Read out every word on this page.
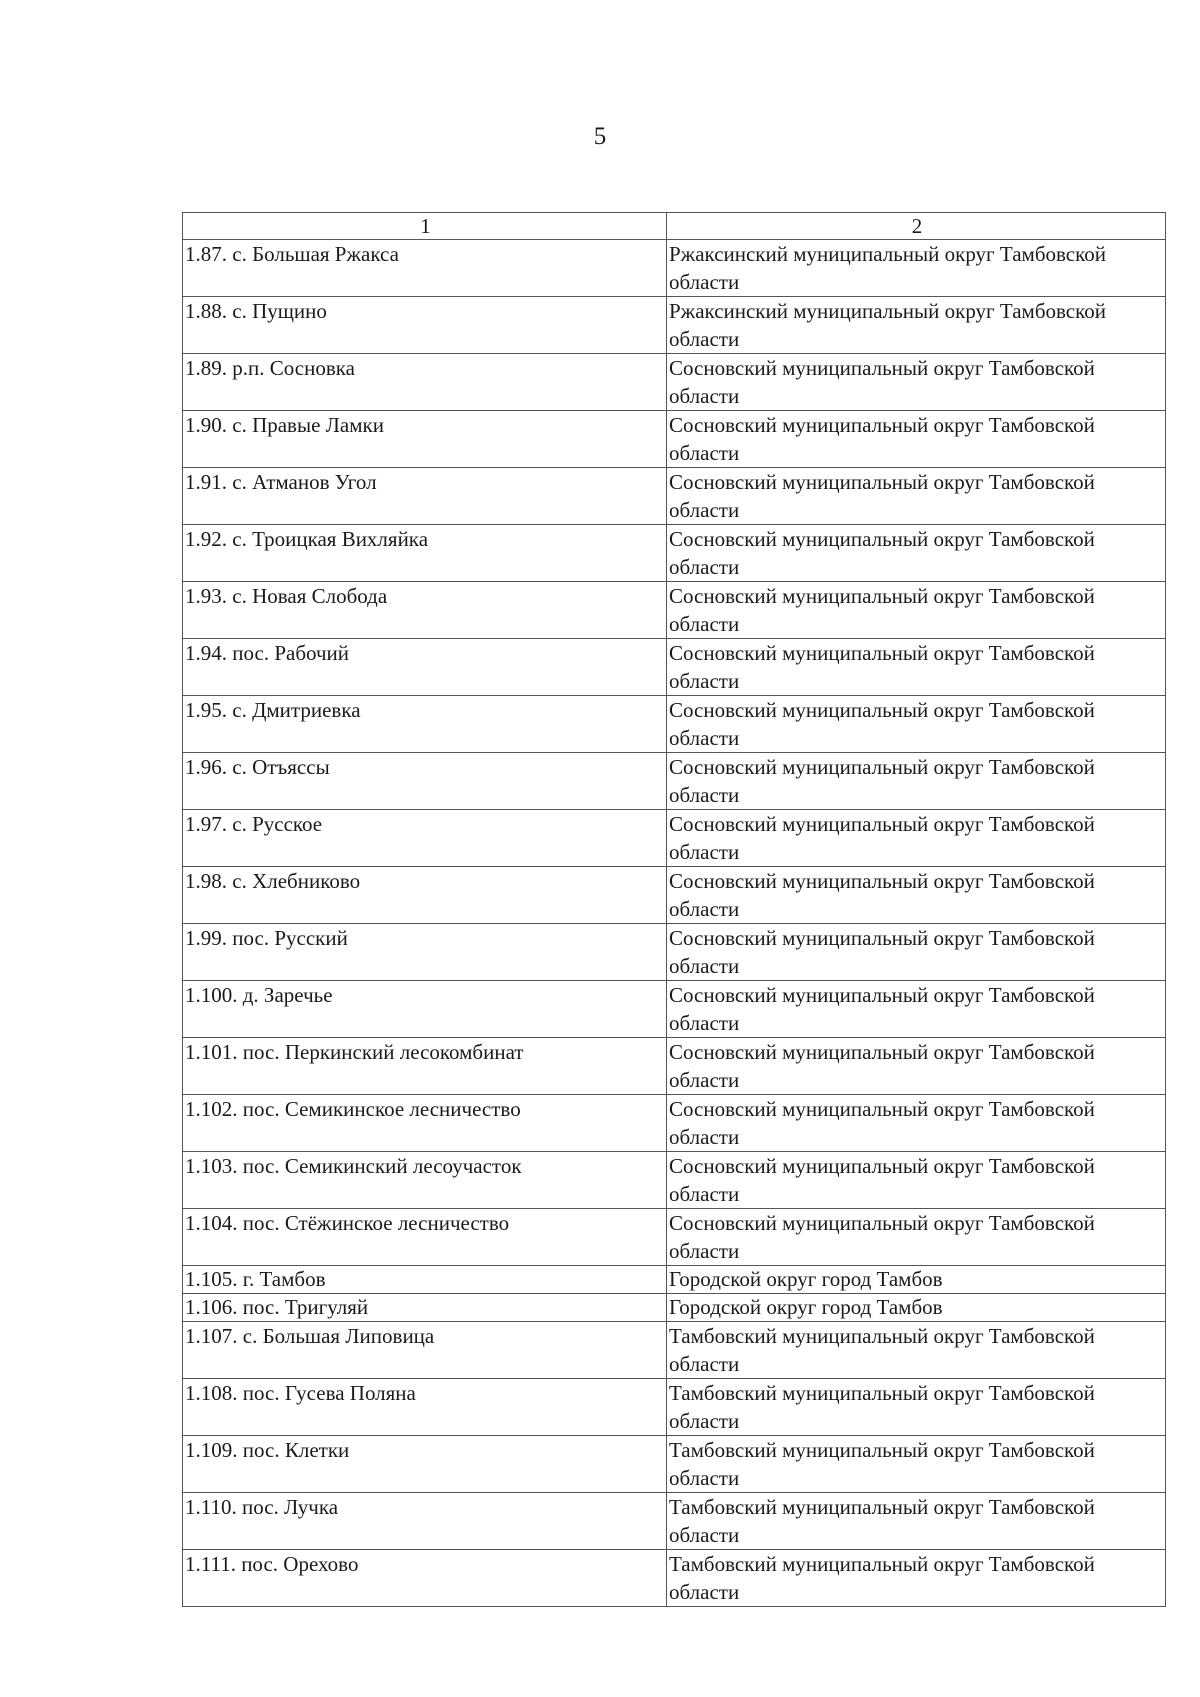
5
1	2
1.87. с. Большая Ржакса	Ржаксинский муниципальный округ Тамбовской области
1.88. с. Пущино	Ржаксинский муниципальный округ Тамбовской области
1.89. р.п. Сосновка	Сосновский муниципальный округ Тамбовской области
1.90. с. Правые Ламки	Сосновский муниципальный округ Тамбовской области
1.91. с. Атманов Угол	Сосновский муниципальный округ Тамбовской области
1.92. с. Троицкая Вихляйка	Сосновский муниципальный округ Тамбовской области
1.93. с. Новая Слобода	Сосновский муниципальный округ Тамбовской области
1.94. пос. Рабочий	Сосновский муниципальный округ Тамбовской области
1.95. с. Дмитриевка	Сосновский муниципальный округ Тамбовской области
1.96. с. Отъяссы	Сосновский муниципальный округ Тамбовской области
1.97. с. Русское	Сосновский муниципальный округ Тамбовской области
1.98. с. Хлебниково	Сосновский муниципальный округ Тамбовской области
1.99. пос. Русский	Сосновский муниципальный округ Тамбовской области
1.100. д. Заречье	Сосновский муниципальный округ Тамбовской области
1.101. пос. Перкинский лесокомбинат	Сосновский муниципальный округ Тамбовской области
1.102. пос. Семикинское лесничество	Сосновский муниципальный округ Тамбовской области
1.103. пос. Семикинский лесоучасток	Сосновский муниципальный округ Тамбовской области
1.104. пос. Стёжинское лесничество	Сосновский муниципальный округ Тамбовской области
1.105. г. Тамбов	Городской округ город Тамбов
1.106. пос. Тригуляй	Городской округ город Тамбов
1.107. с. Большая Липовица	Тамбовский муниципальный округ Тамбовской области
1.108. пос. Гусева Поляна	Тамбовский муниципальный округ Тамбовской области
1.109. пос. Клетки	Тамбовский муниципальный округ Тамбовской области
1.110. пос. Лучка	Тамбовский муниципальный округ Тамбовской области
1.111. пос. Орехово	Тамбовский муниципальный округ Тамбовской области
